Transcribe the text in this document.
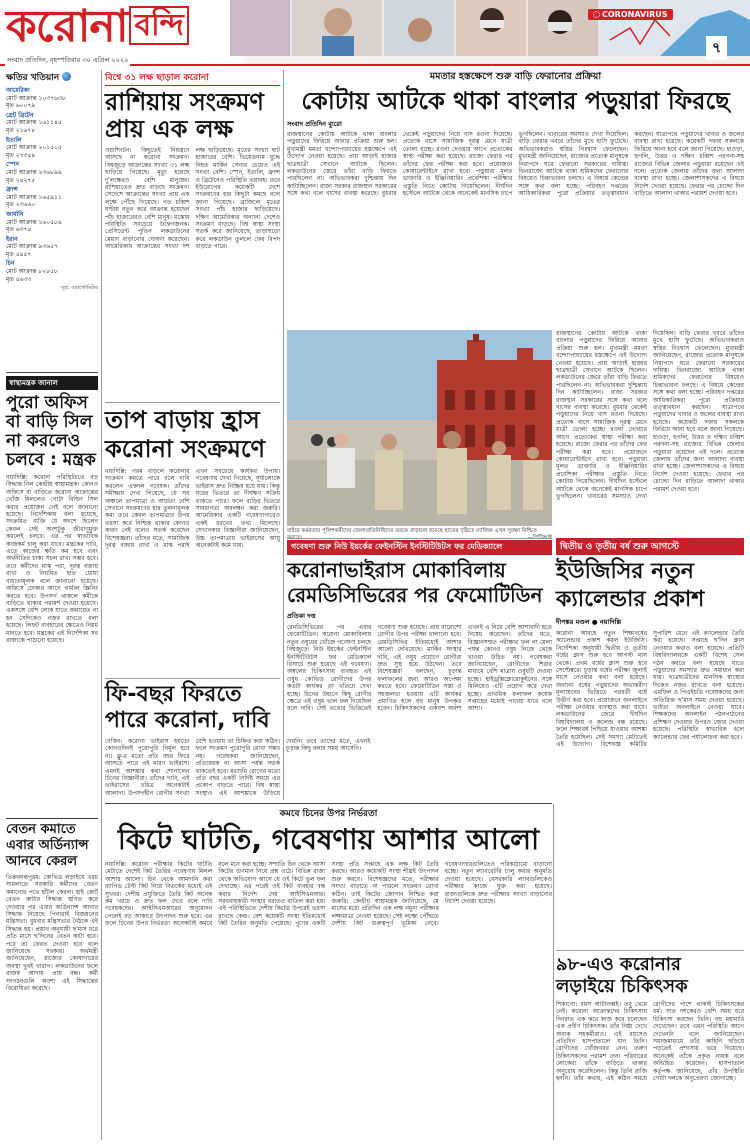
করোনা বন্দি	CORONAVIRUS
সংবাদ প্রতিদিন, বৃহস্পতিবার ৩০ এপ্রিল ২০২০
৭
ক্ষতির খতিয়ান
আমেরিকা
মোট আক্রান্ত ১০৩৭৬৩৮
মৃত ৬০০৭৯
গ্রেট ব্রিটেন
মোট আক্রান্ত ১৬১১৪৫
মৃত ২১৬৭৮
ইতালি
মোট আক্রান্ত ২০১৫০৫
মৃত ২৭৩৫৯
স্পেন
মোট আক্রান্ত ২৩৬৮৯৯
মৃত ২৪২৭৫
ফ্রান্স
মোট আক্রান্ত ১৬৫৯১১
মৃত ২৩৬৬০
জার্মানি
মোট আক্রান্ত ১৬০৫৮৯
মৃত ৬৩৭৪
ইরান
মোট আক্রান্ত ৯৩৬৫৭
মৃত ৫৯৫৭
চিন
মোট আক্রান্ত ৮২৮৫৮
মৃত ৪৬৩৩
সূত্র: ওয়ার্ল্ডোমিটার
স্বাস্থ্যমন্ত্রক জানাল
পুরো অফিস বা বাড়ি সিল না করলেও চলবে : মন্ত্রক
নয়াদিল্লি: করোনা পরিস্থিতিতে বড় সিদ্ধান্ত নিল কেন্দ্রীয় স্বাস্থ্যমন্ত্রক। কোনও অফিসে বা বাড়িতে করোনা আক্রান্তের খোঁজ মিললেও গোটা বিল্ডিং সিল করার প্রয়োজন নেই বলে জানানো হয়েছে। নির্দেশিকায় বলা হয়েছে, সংক্রমিত ব্যক্তি যে অংশে ছিলেন কেবল সেই অংশটুকু জীবাণুমুক্ত করলেই চলবে। এর পর স্বাভাবিক কাজকর্ম চালু করা যাবে। মন্ত্রকের দাবি, এতে কাজের ক্ষতি কম হবে এবং অর্থনীতির চাকা সচল রাখা সম্ভব হবে। তবে কর্মীদের মাস্ক পরা, দূরত্ব বজায় রাখা ও নিয়মিত হাত ধোয়া বাধ্যতামূলক বলে জানানো হয়েছে। অফিসে ঢোকার আগে থার্মাল স্ক্রিনিং করতে হবে। উপসর্গ থাকলে কর্মীকে বাড়িতে থাকার পরামর্শ দেওয়া হয়েছে। একসঙ্গে বেশি লোক যাতে জমায়েত না হন সেদিকেও নজর রাখতে বলা হয়েছে। লিফট ব্যবহারের ক্ষেত্রেও নিয়ম মানতে হবে। মন্ত্রকের এই নির্দেশিকা সব রাজ্যকে পাঠানো হয়েছে।
বেতন কমাতে এবার অর্ডিন্যান্স আনবে কেরল
তিরুবনন্তপুরম: কোভিড লড়াইয়ে খরচ সামলাতে সরকারি কর্মীদের বেতন কমানোর পথে হাঁটল কেরল। হাই কোর্ট বেতন কাটার সিদ্ধান্ত স্থগিত করে দেওয়ার পর এবার অর্ডিন্যান্স আনার সিদ্ধান্ত নিয়েছে পিনারাই বিজয়নের মন্ত্রিসভা। বুধবার মন্ত্রিসভার বৈঠকে এই সিদ্ধান্ত হয়। প্রস্তাব অনুযায়ী ছ'মাস ধরে প্রতি মাসে ছ'দিনের বেতন কাটা হবে। পরে তা ফেরত দেওয়া হবে বলে জানিয়েছে সরকার। অর্থমন্ত্রী জানিয়েছেন, রাজ্যের কোষাগারের অবস্থা খুবই খারাপ। লকডাউনের ফলে রাজস্ব আদায় প্রায় বন্ধ। কর্মী সংগঠনগুলি অবশ্য এই সিদ্ধান্তের বিরোধিতা করেছে।
বিশ্বে ৩১ লক্ষ ছাড়াল করোনা
রাশিয়ায় সংক্রমণ প্রায় এক লক্ষ
ওয়াশিংটন: কিছুতেই নিয়ন্ত্রণে আসছে না করোনা সংক্রমণ। বিশ্বজুড়ে আক্রান্তের সংখ্যা ৩১ লক্ষ ছাড়িয়ে গিয়েছে। মৃত্যু হয়েছে দু'লক্ষেরও বেশি মানুষের। রাশিয়াতেও দ্রুত বাড়ছে সংক্রমণ। সেদেশে আক্রান্তের সংখ্যা প্রায় এক লক্ষে পৌঁছে গিয়েছে। গত চব্বিশ ঘণ্টায় নতুন করে আক্রান্ত হয়েছেন পাঁচ হাজারেরও বেশি মানুষ। মস্কোয় পরিস্থিতি সবচেয়ে উদ্বেগজনক। প্রেসিডেন্ট পুতিন লকডাউনের মেয়াদ বাড়ানোর ঘোষণা করেছেন। আমেরিকায় আক্রান্তের সংখ্যা দশ লক্ষ ছাড়িয়েছে। মৃতের সংখ্যা ষাট হাজারের বেশি। ভিয়েতনাম যুদ্ধে নিহত মার্কিন সেনার চেয়েও এই সংখ্যা বেশি। স্পেন, ইতালি, ফ্রান্স ও ব্রিটেনেও পরিস্থিতি ভয়াবহ। তবে ইউরোপের কয়েকটি দেশে সংক্রমণের হার কিছুটা কমছে বলে জানা গিয়েছে। ব্রাজিলে মৃতের সংখ্যা পাঁচ হাজার ছাড়িয়েছে। দক্ষিণ আমেরিকার অন্যান্য দেশেও সংক্রমণ বাড়ছে। বিশ্ব স্বাস্থ্য সংস্থা সতর্ক করে জানিয়েছে, তাড়াহুড়ো করে লকডাউন তুললে ফের বিপদ বাড়তে পারে।
তাপ বাড়ায় হ্রাস করোনা সংক্রমণে
নয়াদিল্লি: গরম বাড়লে করোনার সংক্রমণ কমতে পারে বলে দাবি করলেন একদল গবেষক। তাঁদের সমীক্ষায় দেখা গিয়েছে, যে সব অঞ্চলে তাপমাত্রা ও আর্দ্রতা বেশি সেখানে সংক্রমণের হার তুলনামূলক কম। তবে কেবল তাপমাত্রার উপর ভরসা করে নিশ্চিন্ত থাকার কোনও কারণ নেই বলেও সতর্ক করেছেন বিশেষজ্ঞরা। তাঁদের মতে, সামাজিক দূরত্ব বজায় রাখা ও মাস্ক পরাই এখন সবচেয়ে কার্যকর উপায়। গবেষণায় দেখা গিয়েছে, সূর্যালোকে ভাইরাস দ্রুত নিষ্ক্রিয় হয়ে যায়। কিন্তু ঘরের ভিতরে তা দীর্ঘক্ষণ সক্রিয় থাকতে পারে। ফলে বাড়ির ভিতরে সাবধানতা অবলম্বন করা জরুরি। আমেরিকার একটি গবেষণাগারেও একই ধরনের তথ্য মিলেছে। সেখানকার বিজ্ঞানীরা জানিয়েছেন, উচ্চ তাপমাত্রায় ভাইরাসের আয়ু অনেকটাই কমে যায়।
ফি-বছর ফিরতে পারে করোনা, দাবি
বেজিং: করোনা ভাইরাস হয়তো কোনওদিনই পুরোপুরি নির্মূল হবে না। ফ্লু-র মতো প্রতি বছর ফিরে আসতে পারে এই মারণ ভাইরাস। এমনই আশঙ্কার কথা শোনালেন চিনের বিজ্ঞানীরা। তাঁদের দাবি, এই ভাইরাসের চরিত্র অনেকটাই আলাদা। উপসর্গহীন রোগীর সংখ্যা বেশি হওয়ায় তা চিহ্নিত করা কঠিন। ফলে সংক্রমণ পুরোপুরি রোখা সম্ভব নয়। গবেষকরা জানিয়েছেন, প্রতিষেধক না আসা পর্যন্ত সতর্ক থাকতেই হবে। মরশুমি রোগের মতো প্রতি বছর একটি নির্দিষ্ট সময়ে এর প্রকোপ বাড়তে পারে। বিশ্ব স্বাস্থ্য সংস্থাও এই আশঙ্কাকে উড়িয়ে দেয়নি। তবে তাদের মতে, এখনই চূড়ান্ত কিছু বলার সময় আসেনি।
মমতার হস্তক্ষেপে শুরু বাড়ি ফেরানোর প্রক্রিয়া
কোটায় আটকে থাকা বাংলার পড়ুয়ারা ফিরছে
সংবাদ প্রতিদিন ব্যুরো
রাজস্থানের কোটায় আটকে থাকা বাংলার পড়ুয়াদের ফিরিয়ে আনার প্রক্রিয়া শুরু হল। মুখ্যমন্ত্রী মমতা বন্দ্যোপাধ্যায়ের হস্তক্ষেপে এই উদ্যোগ নেওয়া হয়েছে। প্রায় আড়াই হাজার ছাত্রছাত্রী সেখানে আটকে ছিলেন। লকডাউনের জেরে তাঁরা বাড়ি ফিরতে পারছিলেন না। অভিভাবকরা দুশ্চিন্তায় দিন কাটাচ্ছিলেন। রাজ্য সরকার রাজস্থান সরকারের সঙ্গে কথা বলে বাসের ব্যবস্থা করেছে। বুধবার থেকেই পড়ুয়াদের নিয়ে বাস রওনা দিয়েছে। প্রত্যেক বাসে সামাজিক দূরত্ব মেনে যাত্রী তোলা হচ্ছে। রওনা দেওয়ার আগে প্রত্যেকের স্বাস্থ্য পরীক্ষা করা হয়েছে। রাজ্যে ফেরার পর তাঁদের ফের পরীক্ষা করা হবে। প্রয়োজনে কোয়ারেন্টাইনে রাখা হবে। পড়ুয়ারা মূলত ডাক্তারি ও ইঞ্জিনিয়ারিং প্রবেশিকা পরীক্ষার প্রস্তুতি নিতে কোটায় গিয়েছিলেন। দীর্ঘদিন হস্টেলে আটকে থেকে অনেকেই মানসিক চাপে ভুগছিলেন। খাবারের সমস্যাও দেখা দিয়েছিল। বাড়ি ফেরার খবরে তাঁদের মুখে হাসি ফুটেছে। অভিভাবকরাও স্বস্তির নিঃশ্বাস ফেলেছেন। মুখ্যমন্ত্রী জানিয়েছেন, রাজ্যের প্রত্যেক মানুষকে নিরাপদে ঘরে ফেরানো সরকারের দায়িত্ব। ভিনরাজ্যে আটকে থাকা শ্রমিকদের ফেরানোর বিষয়েও চিন্তাভাবনা চলছে। এ বিষয়ে কেন্দ্রের সঙ্গে কথা বলা হচ্ছে। পরিবহণ দপ্তরের আধিকারিকরা পুরো প্রক্রিয়ার তত্ত্বাবধান করছেন। যাত্রাপথে পড়ুয়াদের খাবার ও জলের ব্যবস্থা রাখা হয়েছে। কয়েকটি দফায় সকলকে ফিরিয়ে আনা হবে বলে জানা গিয়েছে। হাওড়া, হুগলি, উত্তর ও দক্ষিণ চব্বিশ পরগনা-সহ রাজ্যের বিভিন্ন জেলার পড়ুয়ারা রয়েছেন এই দলে। প্রত্যেক জেলায় তাঁদের জন্য আলাদা ব্যবস্থা রাখা হচ্ছে। জেলাশাসকদের এ বিষয়ে নির্দেশ দেওয়া হয়েছে। ফেরার পর চোদ্দো দিন বাড়িতে আলাদা থাকার পরামর্শ দেওয়া হবে।
রাজস্থানের কোটায় আটকে থাকা বাংলার পড়ুয়াদের ফিরিয়ে আনার প্রক্রিয়া শুরু হল। মুখ্যমন্ত্রী মমতা বন্দ্যোপাধ্যায়ের হস্তক্ষেপে এই উদ্যোগ নেওয়া হয়েছে। প্রায় আড়াই হাজার ছাত্রছাত্রী সেখানে আটকে ছিলেন। লকডাউনের জেরে তাঁরা বাড়ি ফিরতে পারছিলেন না। অভিভাবকরা দুশ্চিন্তায় দিন কাটাচ্ছিলেন। রাজ্য সরকার রাজস্থান সরকারের সঙ্গে কথা বলে বাসের ব্যবস্থা করেছে। বুধবার থেকেই পড়ুয়াদের নিয়ে বাস রওনা দিয়েছে। প্রত্যেক বাসে সামাজিক দূরত্ব মেনে যাত্রী তোলা হচ্ছে। রওনা দেওয়ার আগে প্রত্যেকের স্বাস্থ্য পরীক্ষা করা হয়েছে। রাজ্যে ফেরার পর তাঁদের ফের পরীক্ষা করা হবে। প্রয়োজনে কোয়ারেন্টাইনে রাখা হবে। পড়ুয়ারা মূলত ডাক্তারি ও ইঞ্জিনিয়ারিং প্রবেশিকা পরীক্ষার প্রস্তুতি নিতে কোটায় গিয়েছিলেন। দীর্ঘদিন হস্টেলে আটকে থেকে অনেকেই মানসিক চাপে ভুগছিলেন। খাবারের সমস্যাও দেখা দিয়েছিল। বাড়ি ফেরার খবরে তাঁদের মুখে হাসি ফুটেছে। অভিভাবকরাও স্বস্তির নিঃশ্বাস ফেলেছেন। মুখ্যমন্ত্রী জানিয়েছেন, রাজ্যের প্রত্যেক মানুষকে নিরাপদে ঘরে ফেরানো সরকারের দায়িত্ব। ভিনরাজ্যে আটকে থাকা শ্রমিকদের ফেরানোর বিষয়েও চিন্তাভাবনা চলছে। এ বিষয়ে কেন্দ্রের সঙ্গে কথা বলা হচ্ছে। পরিবহণ দপ্তরের আধিকারিকরা পুরো প্রক্রিয়ার তত্ত্বাবধান করছেন। যাত্রাপথে পড়ুয়াদের খাবার ও জলের ব্যবস্থা রাখা হয়েছে। কয়েকটি দফায় সকলকে ফিরিয়ে আনা হবে বলে জানা গিয়েছে। হাওড়া, হুগলি, উত্তর ও দক্ষিণ চব্বিশ পরগনা-সহ রাজ্যের বিভিন্ন জেলার পড়ুয়ারা রয়েছেন এই দলে। প্রত্যেক জেলায় তাঁদের জন্য আলাদা ব্যবস্থা রাখা হচ্ছে। জেলাশাসকদের এ বিষয়ে নির্দেশ দেওয়া হয়েছে। ফেরার পর চোদ্দো দিন বাড়িতে আলাদা থাকার পরামর্শ দেওয়া হবে।
বাইরে কর্মরতার পুলিশকর্মীদের জেলাপ্রতিনিধিদের তরফে বাড়ানো হয়েছে হাতের দৃষ্টিতে ম্যাজিক এখন সুরক্ষা নিশ্চিত
দ্বিতীয় ও তৃতীয় বর্ষ শুরু আগস্টে
ইউজিসির নতুন ক্যালেন্ডার প্রকাশ
দীপঙ্কর মণ্ডল ● নয়াদিল্লি
করোনা আবহে নতুন শিক্ষাবর্ষের ক্যালেন্ডার প্রকাশ করল ইউজিসি। নির্দেশিকা অনুযায়ী দ্বিতীয় ও তৃতীয় বর্ষের ক্লাস শুরু হবে আগস্ট মাস থেকে। প্রথম বর্ষের ক্লাস শুরু হবে সেপ্টেম্বরে। চূড়ান্ত বর্ষের পরীক্ষা জুলাই মাসে নেওয়ার কথা বলা হয়েছে। অন্যান্য বর্ষের পড়ুয়াদের অভ্যন্তরীণ মূল্যায়নের ভিত্তিতে পরবর্তী বর্ষে উত্তীর্ণ করা হবে। প্রয়োজনে অনলাইনে পরীক্ষা নেওয়ার ব্যবস্থাও করা যাবে। লকডাউনের জেরে দীর্ঘদিন বিশ্ববিদ্যালয় ও কলেজ বন্ধ রয়েছে। ফলে শিক্ষাবর্ষ পিছিয়ে যাওয়ার আশঙ্কা তৈরি হয়েছিল। সেই সমস্যা মেটাতেই এই উদ্যোগ। বিশেষজ্ঞ কমিটির সুপারিশ মেনে এই ক্যালেন্ডার তৈরি করা হয়েছে। সপ্তাহে ছ'দিন ক্লাস নেওয়ার কথাও বলা হয়েছে। প্রতিটি বিশ্ববিদ্যালয়কে একটি বিশেষ সেল গঠন করতে বলা হয়েছে যাতে পড়ুয়াদের সমস্যার দ্রুত সমাধান করা যায়। ছাত্রছাত্রীদের মানসিক স্বাস্থ্যের দিকেও নজর রাখতে বলা হয়েছে। এমফিল ও পিএইচডি গবেষকদের জন্য অতিরিক্ত ছ'মাস সময় দেওয়া হয়েছে। ভাইভা অনলাইনে নেওয়া যাবে। শিক্ষকদের অনলাইন পঠনপাঠনের প্রশিক্ষণ দেওয়ার উপরও জোর দেওয়া হয়েছে। পরিস্থিতি স্বাভাবিক হলে ক্যালেন্ডার ফের পর্যালোচনা করা হবে।
গবেষণা শুরু নিউ ইয়র্কের ফেইনস্টিন ইনস্টিটিউটস ফর মেডিক্যালে
করোনাভাইরাস মোকাবিলায় রেমডিসিভিরের পর ফেমোটিডিন
প্রতিকা দত্ত
রেমডিসিভিরের পর এবার ফেমোটিডিন। করোনা মোকাবিলায় নতুন ওষুধের খোঁজে গবেষণা চলছে বিশ্বজুড়ে। নিউ ইয়র্কের ফেইনস্টিন ইনস্টিটিউটস ফর মেডিক্যাল রিসার্চে শুরু হয়েছে এই গবেষণা। অম্বলের চিকিৎসায় ব্যবহৃত এই ওষুধ কোভিড রোগীদের উপর কতটা কার্যকর তা খতিয়ে দেখা হচ্ছে। চিনের উহানে কিছু রোগীর ক্ষেত্রে এই ওষুধ ভাল ফল দিয়েছিল বলে দাবি। সেই তথ্যের ভিত্তিতেই গবেষণা শুরু হয়েছে। প্রায় বারোশো রোগীর উপর পরীক্ষা চালানো হবে। রেমডিসিভির ইতিমধ্যেই আশার আলো দেখিয়েছে। মার্কিন সংস্থার দাবি, এই ওষুধ প্রয়োগে রোগীরা দ্রুত সুস্থ হয়ে উঠছেন। তবে বিশেষজ্ঞরা বলছেন, চূড়ান্ত ফলাফলের জন্য আরও অপেক্ষা করতে হবে। ফেমোটিডিন সস্তা ও সহজলভ্য হওয়ায় এটি কার্যকর প্রমাণিত হলে বহু মানুষ উপকৃত হবেন। চিকিৎসকদের একাংশ অবশ্য এখনই এ নিয়ে বেশি আশাবাদী হতে নিষেধ করেছেন। তাঁদের মতে, বিজ্ঞানসম্মত পরীক্ষার ফল না মেলা পর্যন্ত কোনও ওষুধ নিজে থেকে খাওয়া উচিত নয়। গবেষকরা জানিয়েছেন, রোগীদের শিরার মাধ্যমে বেশি মাত্রায় ওষুধটি দেওয়া হচ্ছে। হাইড্রক্সিক্লোরোকুইনের সঙ্গে মিলিয়েও এটি প্রয়োগ করে দেখা হচ্ছে। প্রাথমিক ফলাফল কয়েক সপ্তাহের মধ্যেই পাওয়া যাবে বলে আশা।
৯৮-এও করোনার লড়াইয়ে চিকিৎসক
শিকাগো: বয়স আটানব্বই। তবু থেমে নেই। করোনা আক্রান্তদের চিকিৎসায় দিনরাত এক করে কাজ করে চলেছেন এক প্রবীণ চিকিৎসক। তাঁর নিষ্ঠা দেখে অবাক সহকর্মীরাও। এই বয়সেও প্রতিদিন হাসপাতালে যান তিনি। রোগীদের খোঁজখবর নেন। তরুণ চিকিৎসকদের পরামর্শ দেন। পরিবারের লোকেরা তাঁকে বাড়িতে থাকার অনুরোধ করেছিলেন। কিন্তু তিনি রাজি হননি। তাঁর কথায়, এই কঠিন সময়ে রোগীদের পাশে থাকাই চিকিৎসকের ধর্ম। সাত দশকেরও বেশি সময় ধরে চিকিৎসা করছেন তিনি। বহু মহামারি দেখেছেন। তবে এমন পরিস্থিতি আগে দেখেননি বলে জানিয়েছেন। সমাজমাধ্যমে তাঁর কাহিনি ছড়িয়ে পড়তেই প্রশংসায় ভরে গিয়েছে। অনেকেই তাঁকে প্রকৃত নায়ক বলে অভিহিত করেছেন। হাসপাতাল কর্তৃপক্ষ জানিয়েছে, তাঁর উপস্থিতি গোটা দলকে অনুপ্রেরণা জোগাচ্ছে।
কমবে চিনের উপর নির্ভরতা
কিটে ঘাটতি, গবেষণায় আশার আলো
নয়াদিল্লি: করোনা পরীক্ষার কিটের ঘাটতি মেটাতে দেশেই কিট তৈরির গবেষণায় মিলল আশার আলো। চিন থেকে আমদানি করা র‍্যাপিড টেস্ট কিট নিয়ে বিতর্কের মধ্যেই এই সুখবর। দেশীয় প্রযুক্তিতে তৈরি কিট অনেক কম খরচে ও দ্রুত ফল দেবে বলে দাবি গবেষকদের। আইসিএমআরের অনুমোদন পেলেই বড় আকারে উৎপাদন শুরু হবে। এর ফলে চিনের উপর নির্ভরতা অনেকটাই কমবে বলে মনে করা হচ্ছে। সম্প্রতি চিন থেকে আসা কিটের গুণমান নিয়ে প্রশ্ন ওঠে। বিভিন্ন রাজ্য থেকে অভিযোগ আসে যে ওই কিটে ভুল ফল দেখাচ্ছে। এর পরেই ওই কিট ব্যবহার বন্ধ করার নির্দেশ দেয় আইসিএমআর। সরবরাহকারী সংস্থার বরাতও বাতিল করা হয়। এই পরিস্থিতিতে দেশীয় কিটের উপরেই ভরসা রাখছে কেন্দ্র। বেশ কয়েকটি সংস্থা ইতিমধ্যেই কিট তৈরির অনুমতি পেয়েছে। পুণের একটি সংস্থা প্রতি সপ্তাহে এক লক্ষ কিট তৈরি করছে। আরও কয়েকটি সংস্থা শীঘ্রই উৎপাদন শুরু করবে। বিশেষজ্ঞদের মতে, পরীক্ষার সংখ্যা বাড়াতে না পারলে সংক্রমণ রোখা কঠিন। তাই কিটের জোগান নিশ্চিত করা জরুরি। কেন্দ্রীয় স্বাস্থ্যমন্ত্রক জানিয়েছে, মে মাসের মধ্যে প্রতিদিন এক লক্ষ নমুনা পরীক্ষার লক্ষ্যমাত্রা নেওয়া হয়েছে। সেই লক্ষ্যে পৌঁছতে দেশীয় কিট গুরুত্বপূর্ণ ভূমিকা নেবে। গবেষণাগারগুলিতেও পরিকাঠামো বাড়ানো হচ্ছে। নতুন ল্যাবরেটরি চালু করার অনুমতি দেওয়া হয়েছে। বেসরকারি ল্যাবগুলিকেও পরীক্ষার কাজে যুক্ত করা হয়েছে। রাজ্যগুলিকে দ্রুত পরীক্ষার সংখ্যা বাড়ানোর নির্দেশ দেওয়া হয়েছে।
